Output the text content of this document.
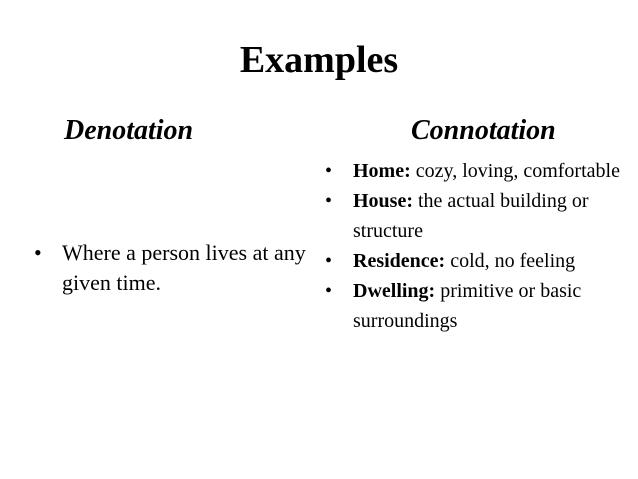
Examples
Denotation	Connotation
• Where a person lives at any given time.
• Home: cozy, loving, comfortable
• House: the actual building or structure
• Residence: cold, no feeling
• Dwelling: primitive or basic surroundings
